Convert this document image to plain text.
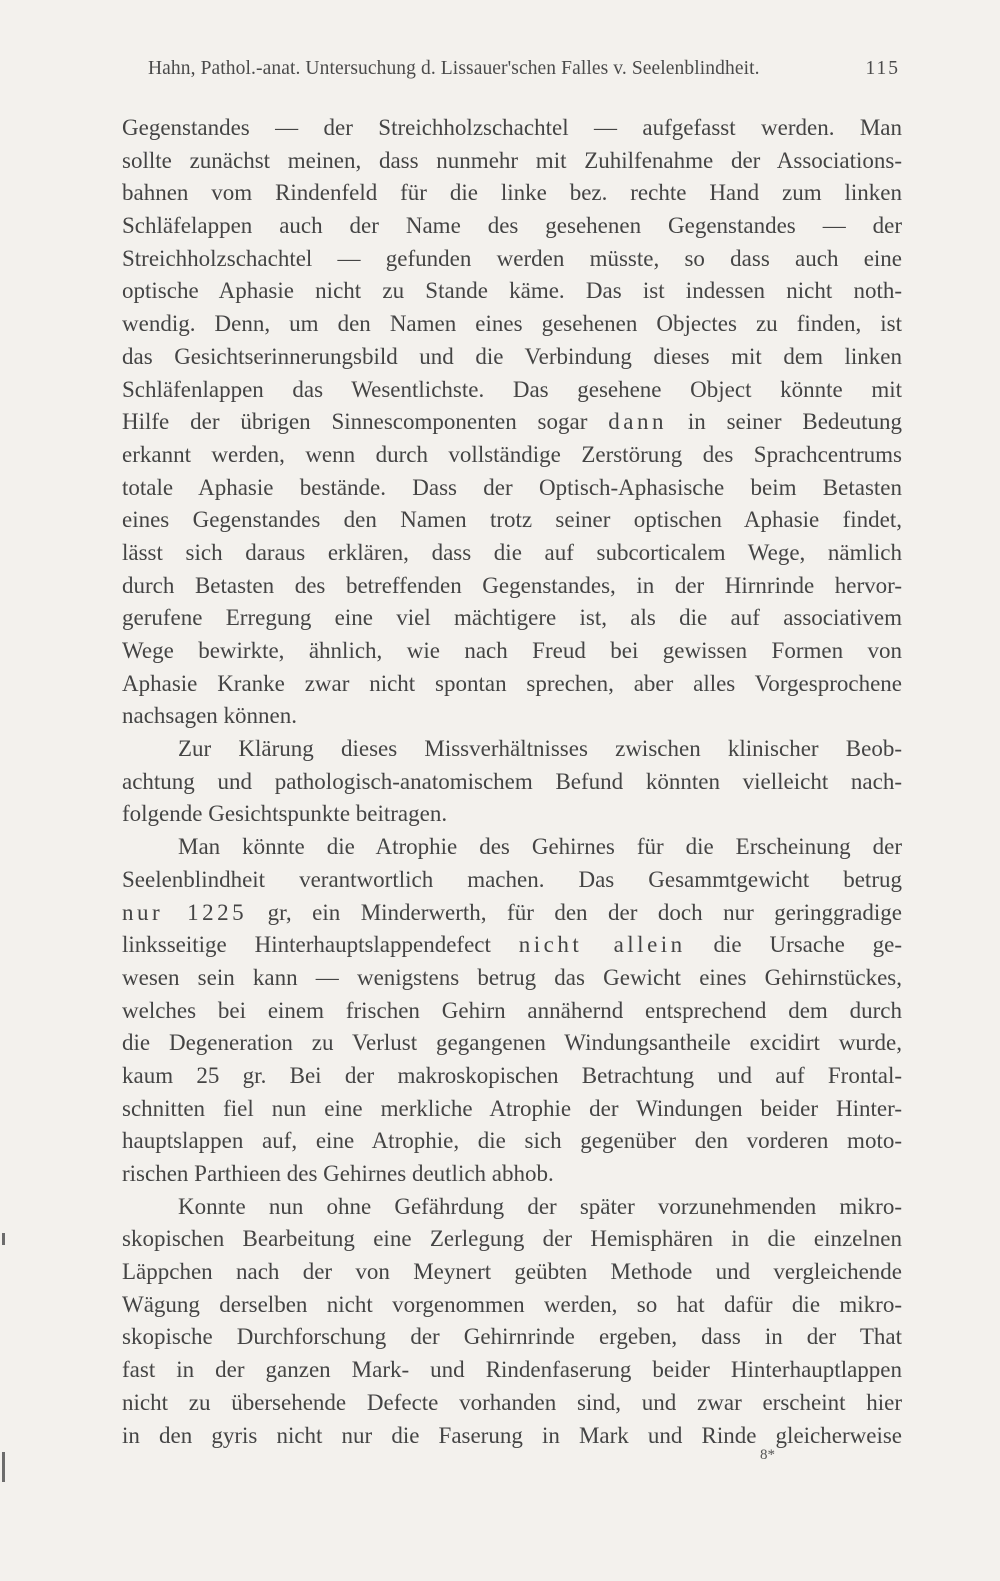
Hahn, Pathol.-anat. Untersuchung d. Lissauer'schen Falles v. Seelenblindheit.	115
Gegenstandes — der Streichholzschachtel — aufgefasst werden. Man
sollte zunächst meinen, dass nunmehr mit Zuhilfenahme der Associations-
bahnen vom Rindenfeld für die linke bez. rechte Hand zum linken
Schläfelappen auch der Name des gesehenen Gegenstandes — der
Streichholzschachtel — gefunden werden müsste, so dass auch eine
optische Aphasie nicht zu Stande käme. Das ist indessen nicht noth-
wendig. Denn, um den Namen eines gesehenen Objectes zu finden, ist
das Gesichtserinnerungsbild und die Verbindung dieses mit dem linken
Schläfenlappen das Wesentlichste. Das gesehene Object könnte mit
Hilfe der übrigen Sinnescomponenten sogar dann in seiner Bedeutung
erkannt werden, wenn durch vollständige Zerstörung des Sprachcentrums
totale Aphasie bestände. Dass der Optisch-Aphasische beim Betasten
eines Gegenstandes den Namen trotz seiner optischen Aphasie findet,
lässt sich daraus erklären, dass die auf subcorticalem Wege, nämlich
durch Betasten des betreffenden Gegenstandes, in der Hirnrinde hervor-
gerufene Erregung eine viel mächtigere ist, als die auf associativem
Wege bewirkte, ähnlich, wie nach Freud bei gewissen Formen von
Aphasie Kranke zwar nicht spontan sprechen, aber alles Vorgesprochene
nachsagen können.
Zur Klärung dieses Missverhältnisses zwischen klinischer Beob-
achtung und pathologisch-anatomischem Befund könnten vielleicht nach-
folgende Gesichtspunkte beitragen.
Man könnte die Atrophie des Gehirnes für die Erscheinung der
Seelenblindheit verantwortlich machen. Das Gesammtgewicht betrug
nur 1225 gr, ein Minderwerth, für den der doch nur geringgradige
linksseitige Hinterhauptslappendefect nicht allein die Ursache ge-
wesen sein kann — wenigstens betrug das Gewicht eines Gehirnstückes,
welches bei einem frischen Gehirn annähernd entsprechend dem durch
die Degeneration zu Verlust gegangenen Windungsantheile excidirt wurde,
kaum 25 gr. Bei der makroskopischen Betrachtung und auf Frontal-
schnitten fiel nun eine merkliche Atrophie der Windungen beider Hinter-
hauptslappen auf, eine Atrophie, die sich gegenüber den vorderen moto-
rischen Parthieen des Gehirnes deutlich abhob.
Konnte nun ohne Gefährdung der später vorzunehmenden mikro-
skopischen Bearbeitung eine Zerlegung der Hemisphären in die einzelnen
Läppchen nach der von Meynert geübten Methode und vergleichende
Wägung derselben nicht vorgenommen werden, so hat dafür die mikro-
skopische Durchforschung der Gehirnrinde ergeben, dass in der That
fast in der ganzen Mark- und Rindenfaserung beider Hinterhauptlappen
nicht zu übersehende Defecte vorhanden sind, und zwar erscheint hier
in den gyris nicht nur die Faserung in Mark und Rinde gleicherweise
8*
